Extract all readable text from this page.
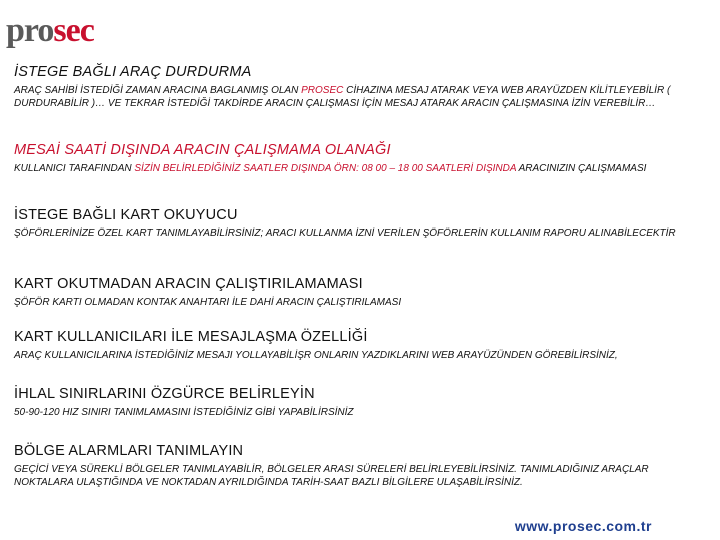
prosec
İSTEGE BAĞLI ARAÇ DURDURMA
ARAÇ SAHİBİ İSTEDİĞİ ZAMAN ARACINA BAGLANMIŞ OLAN PROSEC CİHAZINA MESAJ ATARAK VEYA WEB ARAYÜZDEN KİLİTLEYEBİLİR ( DURDURABİLİR )… VE TEKRAR İSTEDİĞİ TAKDİRDE ARACIN ÇALIŞMASI İÇİN MESAJ ATARAK ARACIN ÇALIŞMASINA İZİN VEREBİLİR…
MESAİ SAATİ DIŞINDA ARACIN ÇALIŞMAMA OLANAĞI
KULLANICI TARAFINDAN SİZİN BELİRLEDİĞİNİZ SAATLER DIŞINDA ÖRN: 08 00 – 18 00 SAATLERİ DIŞINDA ARACINIZIN ÇALIŞMAMASI
İSTEGE BAĞLI KART OKUYUCU
ŞÖFÖRLERİNİZE ÖZEL KART TANIMLAYABİLİRSİNİZ; ARACI KULLANMA İZNİ VERİLEN ŞÖFÖRLERİN KULLANIM RAPORU ALINABİLECEKTİR
KART OKUTMADAN ARACIN ÇALIŞTIRILAMAMASI
ŞÖFÖR KARTI OLMADAN KONTAK ANAHTARI İLE DAHİ ARACIN ÇALIŞTIRILAMASI
KART KULLANICILARI İLE MESAJLAŞMA ÖZELLİĞİ
ARAÇ KULLANICILARINA İSTEDİĞİNİZ MESAJI YOLLAYABİLİŞR ONLARIN YAZDIKLARINI WEB ARAYÜZÜNDEN GÖREBİLİRSİNİZ,
İHLAL SINIRLARINI ÖZGÜRCE BELİRLEYİN
50-90-120 HIZ SINIRI TANIMLAMASINI İSTEDİĞİNİZ GİBİ YAPABİLİRSİNİZ
BÖLGE ALARMLARI TANIMLAYIN
GEÇİCİ VEYA SÜREKLİ BÖLGELER TANIMLAYABİLİR, BÖLGELER ARASI SÜRELERİ BELİRLEYEBİLİRSİNİZ. TANIMLADIĞINIZ ARAÇLAR NOKTALARA ULAŞTIĞINDA VE NOKTADAN AYRILDIĞINDA TARİH-SAAT BAZLI BİLGİLERE ULAŞABİLİRSİNİZ.
www.prosec.com.tr
